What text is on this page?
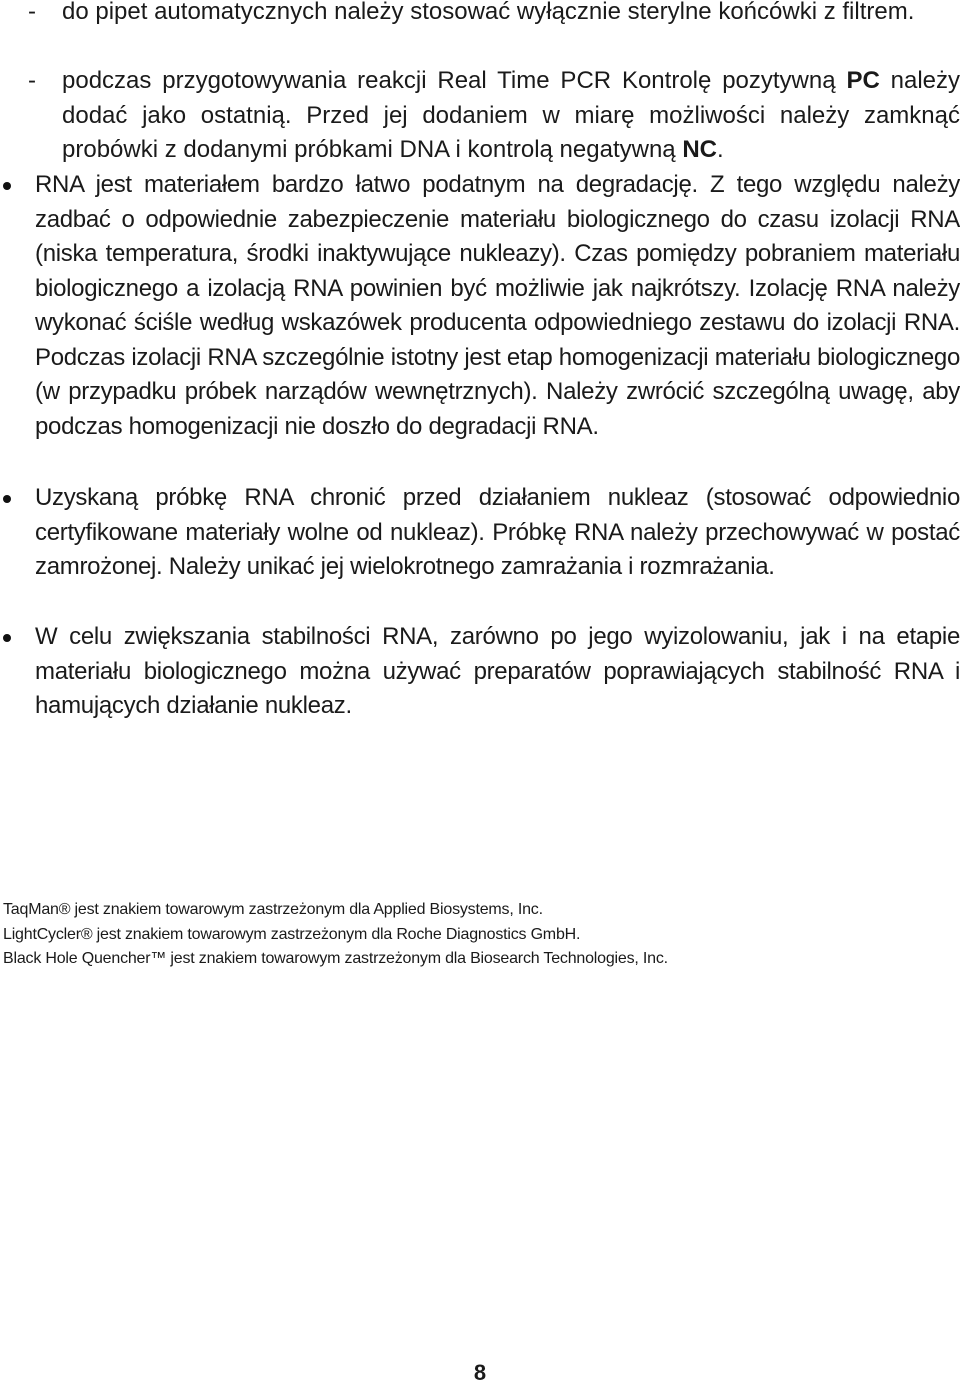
-	do pipet automatycznych należy stosować wyłącznie sterylne końcówki z filtrem.
-	podczas przygotowywania reakcji Real Time PCR Kontrolę pozytywną PC należy dodać jako ostatnią. Przed jej dodaniem w miarę możliwości należy zamknąć probówki z dodanymi próbkami DNA i kontrolą negatywną NC.
RNA jest materiałem bardzo łatwo podatnym na degradację. Z tego względu należy zadbać o odpowiednie zabezpieczenie materiału biologicznego do czasu izolacji RNA (niska temperatura, środki inaktywujące nukleazy). Czas pomiędzy pobraniem materiału biologicznego a izolacją RNA powinien być możliwie jak najkrótszy. Izolację RNA należy wykonać ściśle według wskazówek producenta odpowiedniego zestawu do izolacji RNA. Podczas izolacji RNA szczególnie istotny jest etap homogenizacji materiału biologicznego (w przypadku próbek narządów wewnętrznych). Należy zwrócić szczególną uwagę, aby podczas homogenizacji nie doszło do degradacji RNA.
Uzyskaną próbkę RNA chronić przed działaniem nukleaz (stosować odpowiednio certyfikowane materiały wolne od nukleaz). Próbkę RNA należy przechowywać w postać zamrożonej. Należy unikać jej wielokrotnego zamrażania i rozmrażania.
W celu zwiększania stabilności RNA, zarówno po jego wyizolowaniu, jak i na etapie materiału biologicznego można używać preparatów poprawiających stabilność RNA i hamujących działanie nukleaz.
TaqMan® jest znakiem towarowym zastrzeżonym dla Applied Biosystems, Inc.
LightCycler® jest znakiem towarowym zastrzeżonym dla Roche Diagnostics GmbH.
Black Hole Quencher™ jest znakiem towarowym zastrzeżonym dla Biosearch Technologies, Inc.
8
